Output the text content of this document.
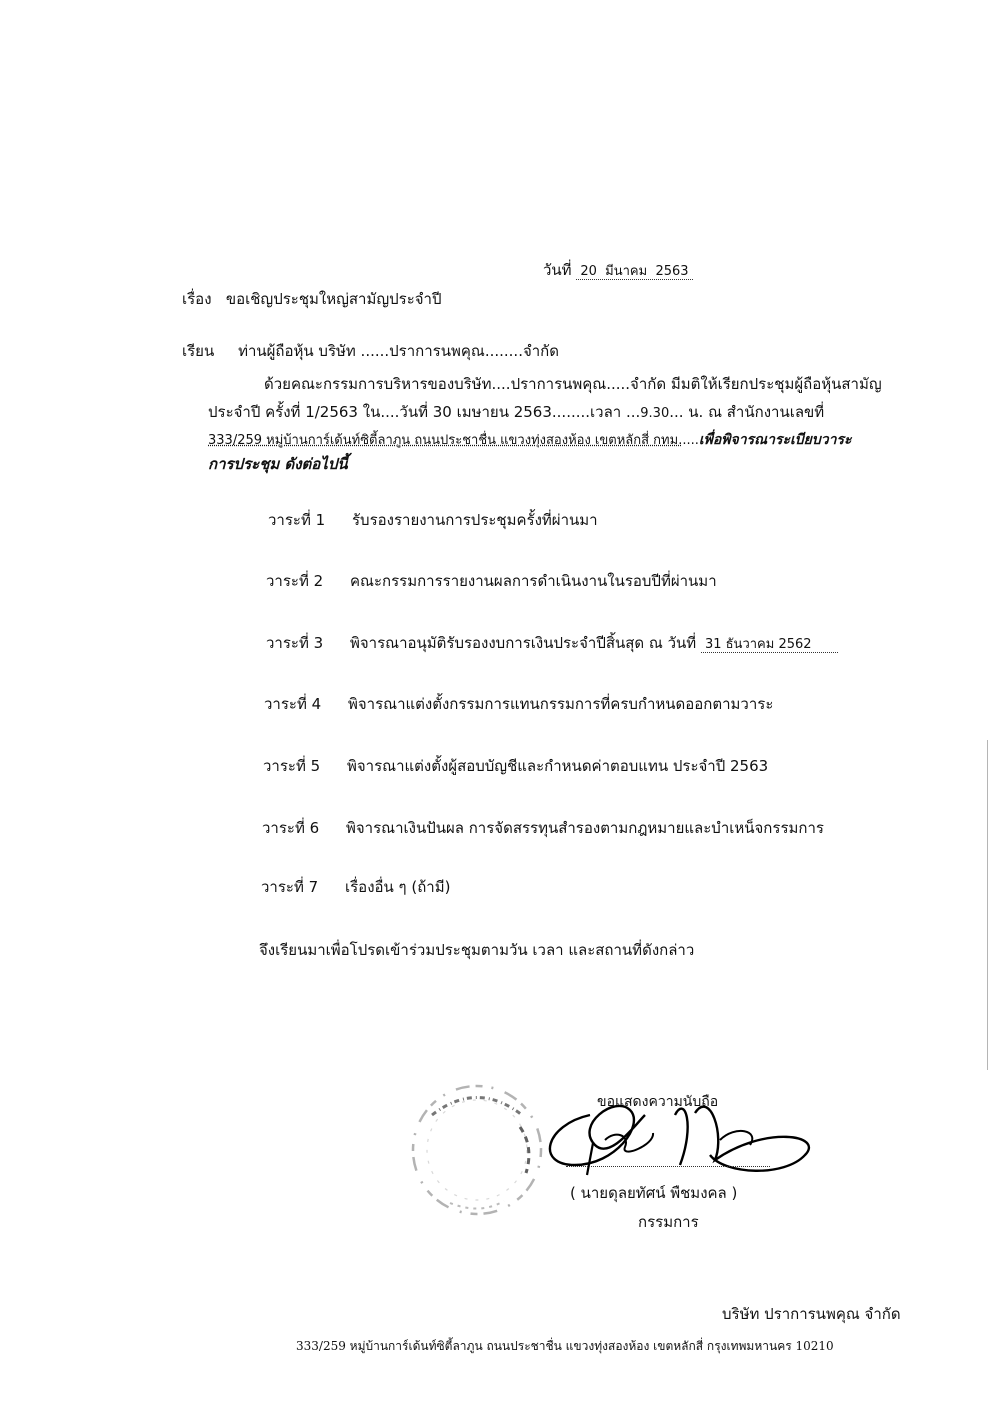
วันที่ 20 มีนาคม 2563
เรื่อง ขอเชิญประชุมใหญ่สามัญประจำปี
เรียน ท่านผู้ถือหุ้น บริษัท ......ปราการนพคุณ........จำกัด
ด้วยคณะกรรมการบริหารของบริษัท....ปราการนพคุณ.....จำกัด มีมติให้เรียกประชุมผู้ถือหุ้นสามัญ
ประจำปี ครั้งที่ 1/2563 ใน....วันที่ 30 เมษายน 2563........เวลา ...9.30... น. ณ สำนักงานเลขที่
333/259 หมู่บ้านการ์เด้นท์ซิตี้ลาภูน ถนนประชาชื่น แขวงทุ่งสองห้อง เขตหลักสี่ กทม.....เพื่อพิจารณาระเบียบวาระ
การประชุม ดังต่อไปนี้
วาระที่ 1 รับรองรายงานการประชุมครั้งที่ผ่านมา
วาระที่ 2 คณะกรรมการรายงานผลการดำเนินงานในรอบปีที่ผ่านมา
วาระที่ 3 พิจารณาอนุมัติรับรองงบการเงินประจำปีสิ้นสุด ณ วันที่ 31 ธันวาคม 2562
วาระที่ 4 พิจารณาแต่งตั้งกรรมการแทนกรรมการที่ครบกำหนดออกตามวาระ
วาระที่ 5 พิจารณาแต่งตั้งผู้สอบบัญชีและกำหนดค่าตอบแทน ประจำปี 2563
วาระที่ 6 พิจารณาเงินปันผล การจัดสรรทุนสำรองตามกฎหมายและบำเหน็จกรรมการ
วาระที่ 7 เรื่องอื่น ๆ (ถ้ามี)
จึงเรียนมาเพื่อโปรดเข้าร่วมประชุมตามวัน เวลา และสถานที่ดังกล่าว
ขอแสดงความนับถือ
( นายดุลยทัศน์ พืชมงคล )
กรรมการ
บริษัท ปราการนพคุณ จำกัด
333/259 หมู่บ้านการ์เด้นท์ซิตี้ลาภูน ถนนประชาชื่น แขวงทุ่งสองห้อง เขตหลักสี่ กรุงเทพมหานคร 10210
